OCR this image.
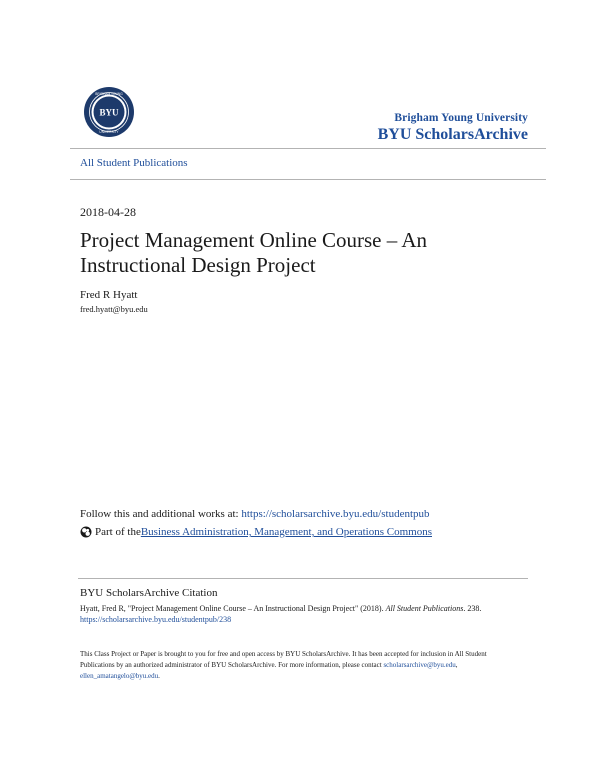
BYU
BRIGHAM YOUNG
UNIVERSITY
Brigham Young University
BYU ScholarsArchive
All Student Publications
2018-04-28
Project Management Online Course – An Instructional Design Project
Fred R Hyatt
fred.hyatt@byu.edu
Follow this and additional works at: https://scholarsarchive.byu.edu/studentpub
Part of the Business Administration, Management, and Operations Commons
BYU ScholarsArchive Citation
Hyatt, Fred R, "Project Management Online Course – An Instructional Design Project" (2018). All Student Publications. 238.
https://scholarsarchive.byu.edu/studentpub/238
This Class Project or Paper is brought to you for free and open access by BYU ScholarsArchive. It has been accepted for inclusion in All Student Publications by an authorized administrator of BYU ScholarsArchive. For more information, please contact scholarsarchive@byu.edu, ellen_amatangelo@byu.edu.
